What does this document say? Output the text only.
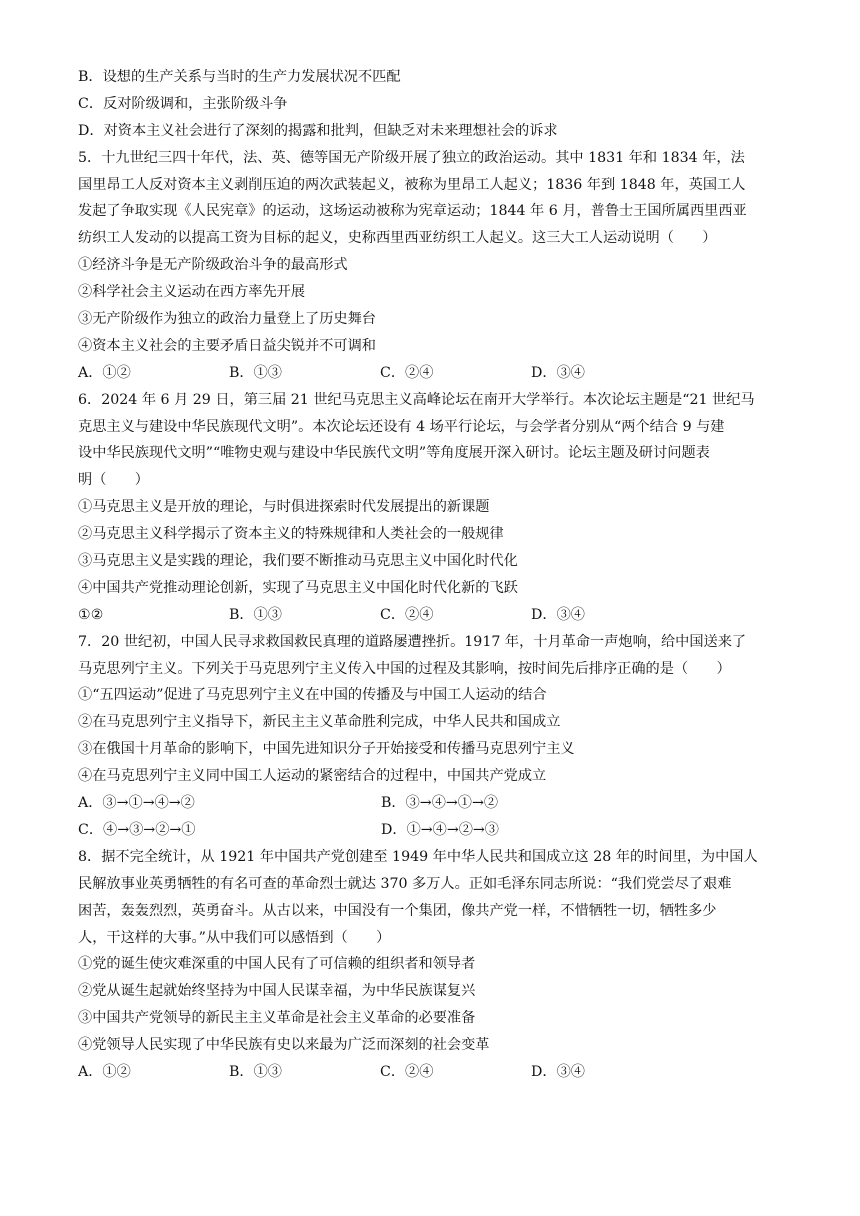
B．设想的生产关系与当时的生产力发展状况不匹配
C．反对阶级调和，主张阶级斗争
D．对资本主义社会进行了深刻的揭露和批判，但缺乏对未来理想社会的诉求
5．十九世纪三四十年代，法、英、德等国无产阶级开展了独立的政治运动。其中 1831 年和 1834 年，法
国里昂工人反对资本主义剥削压迫的两次武装起义，被称为里昂工人起义；1836 年到 1848 年，英国工人
发起了争取实现《人民宪章》的运动，这场运动被称为宪章运动；1844 年 6 月，普鲁士王国所属西里西亚
纺织工人发动的以提高工资为目标的起义，史称西里西亚纺织工人起义。这三大工人运动说明（　　）
①经济斗争是无产阶级政治斗争的最高形式
②科学社会主义运动在西方率先开展
③无产阶级作为独立的政治力量登上了历史舞台
④资本主义社会的主要矛盾日益尖锐并不可调和
A．①②	B．①③	C．②④	D．③④
6．2024 年 6 月 29 日，第三届 21 世纪马克思主义高峰论坛在南开大学举行。本次论坛主题是“21 世纪马
克思主义与建设中华民族现代文明”。本次论坛还设有 4 场平行论坛，与会学者分别从“两个结合 9 与建
设中华民族现代文明”“唯物史观与建设中华民族代文明”等角度展开深入研讨。论坛主题及研讨问题表
明（　　）
①马克思主义是开放的理论，与时俱进探索时代发展提出的新课题
②马克思主义科学揭示了资本主义的特殊规律和人类社会的一般规律
③马克思主义是实践的理论，我们要不断推动马克思主义中国化时代化
④中国共产党推动理论创新，实现了马克思主义中国化时代化新的飞跃
①②	B．①③	C．②④	D．③④
7．20 世纪初，中国人民寻求救国救民真理的道路屡遭挫折。1917 年，十月革命一声炮响，给中国送来了
马克思列宁主义。下列关于马克思列宁主义传入中国的过程及其影响，按时间先后排序正确的是（　　）
①“五四运动”促进了马克思列宁主义在中国的传播及与中国工人运动的结合
②在马克思列宁主义指导下，新民主主义革命胜利完成，中华人民共和国成立
③在俄国十月革命的影响下，中国先进知识分子开始接受和传播马克思列宁主义
④在马克思列宁主义同中国工人运动的紧密结合的过程中，中国共产党成立
A．③→①→④→②	B．③→④→①→②
C．④→③→②→①	D．①→④→②→③
8．据不完全统计，从 1921 年中国共产党创建至 1949 年中华人民共和国成立这 28 年的时间里，为中国人
民解放事业英勇牺牲的有名可查的革命烈士就达 370 多万人。正如毛泽东同志所说：“我们党尝尽了艰难
困苦，轰轰烈烈，英勇奋斗。从古以来，中国没有一个集团，像共产党一样，不惜牺牲一切，牺牲多少
人，干这样的大事。”从中我们可以感悟到（　　）
①党的诞生使灾难深重的中国人民有了可信赖的组织者和领导者
②党从诞生起就始终坚持为中国人民谋幸福，为中华民族谋复兴
③中国共产党领导的新民主主义革命是社会主义革命的必要准备
④党领导人民实现了中华民族有史以来最为广泛而深刻的社会变革
A．①②	B．①③	C．②④	D．③④
